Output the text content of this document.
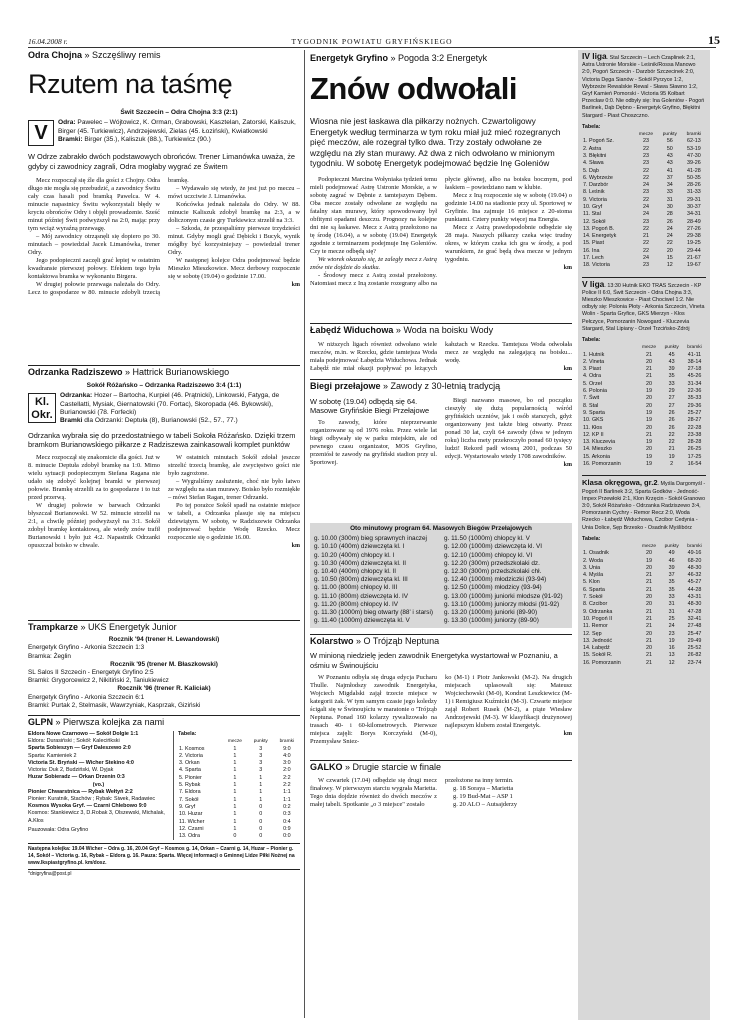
16.04.2008 r.	TYGODNIK POWIATU GRYFIŃSKIEGO	15
Odra Chojna » Szczęśliwy remis
Rzutem na taśmę
Świt Szczecin – Odra Chojna 3:3 (2:1)
V	Odra: Pawelec – Wójtowicz, K. Orman, Grabowski, Kasztelan, Zatorski, Kaliszuk, Birger (45. Turkiewicz), Andrzejewski, Zielas (45. Łoziński), Kwiatkowski
Bramki: Birger (35.), Kaliszuk (88.), Turkiewicz (90.)
W Odrze zabrakło dwóch podstawowych obrońców. Trener Limanówka uważa, że gdyby ci zawodnicy zagrali, Odra mogłaby wygrać ze Świtem

Mecz rozpoczął się źle dla gości z Chojny. Odra długo nie mogła się przebudzić, a zawodnicy Świtu cały czas hasali pod bramką Pawelca. W 4. minucie napastnicy Świtu wykorzystali błędy w kryciu obrońców Odry i objęli prowadzenie. Sześć minut później Świt podwyższył na 2:0, mając przy tym wciąż wyraźną przewagę.

– Mój zawodnicy otrząsnęli się dopiero po 30. minutach – powiedział Jacek Limanówka, trener Odry.

Jego podopieczni zaczęli grać lepiej w ostatnim kwadransie pierwszej połowy. Efektem tego była kontaktowa bramka w wykonaniu Birgera.

W drugiej połowie przewaga należała do Odry. Lecz to gospodarze w 80. minucie zdobyli trzecią bramkę.

– Wydawało się wtedy, że jest już po meczu – mówi uczciwie J. Limanówka.

Końcówka jednak należała do Odry. W 88. minucie Kaliszuk zdobył bramkę na 2:3, a w doliczonym czasie gry Turkiewicz strzelił na 3:3.

– Szkoda, że przespaliśmy pierwsze trzydzieści minut. Gdyby mogli grać Dębicki i Bucyk, wynik mógłby być korzystniejszy – powiedział trener Odry.

W następnej kolejce Odra podejmować będzie Mieszko Mieszkowice. Mecz derbowy rozpocznie się w sobotę (19.04) o godzinie 17.00.

km

Odrzanka Radziszewo » Hattrick Burianowskiego
Sokół Różańsko – Odrzanka Radziszewo 3:4 (1:1)
Kl. Okr.
Odrzanka: Hozer – Bartocha, Kurpiel (46. Prątnicki), Linkowski, Fatyga, de Castellatti, Mysiak, Giernatowski (70. Fortac), Skoropada (46. Bykowski), Burianowski (78. Forfecki)
Bramki dla Odrzanki: Deptuła (8), Burianowski (52., 57., 77.)
Odrzanka wybrała się do przedostatniego w tabeli Sokoła Różańsko. Dzięki trzem bramkom Burianowskiego piłkarze z Radziszewa zainkasowali komplet punktów

Mecz rozpoczął się znakomicie dla gości. Już w 8. minucie Deptuła zdobył bramkę na 1:0. Mimo wielu sytuacji podopiecznym Stefana Ragana nie udało się zdobyć kolejnej bramki w pierwszej połowie. Bramkę strzelili za to gospodarze i to tuż przed przerwą.

W drugiej połowie w barwach Odrzanki błyszczał Burianowski. W 52. minucie strzelił na 2:1, a chwilę później podwyższył na 3:1. Sokół zdobył bramkę kontaktową, ale wtedy znów trafił Burianowski i było już 4:2. Napastnik Odrzanki opuszczał boisko w chwale.

W ostatnich minutach Sokół zdołał jeszcze strzelić trzecią bramkę, ale zwycięstwo gości nie było zagrożone.

– Wygraliśmy zasłużenie, choć nie było łatwo ze względu na stan murawy. Boisko było rozmiękłe – mówi Stefan Ragan, trener Odrzanki.

Po tej porażce Sokół spadł na ostatnie miejsce w tabeli, a Odrzanka plasuje się na miejscu dziewiątym. W sobotę, w Radziszewie Odrzanka podejmować będzie Wodę Rzecko. Mecz rozpocznie się o godzinie 16.00.

km

Trampkarze » UKS Energetyk Junior
Rocznik '94 (trener H. Lewandowski)
Energetyk Gryfino - Arkonia Szczecin 1:3
Bramka: Żeglin
Rocznik '95 (trener M. Błaszkowski)
SL Salos II Szczecin - Energetyk Gryfino 2:5
Bramki: Grygorcewicz 2, Nikitiński 2, Taniukiewicz
Rocznik '96 (trener R. Kaliciak)
Energetyk Gryfino - Arkonia Szczecin 6:1
Bramki: Purtak 2, Stelmasik, Wawrzyniak, Kasprzak, Giziński
GLPN » Pierwsza kolejka za nami
Eldora Nowe Czarnowo — Sokół Dolgie 1:1
Eldora: Durasiński ; Sokół: Kalecińkski
Sparta Sobieszyn — Gryf Daleszewo 2:0
Sparta: Kamieniek 2
Victoria St. Bryński — Wicher Stekino 4:0
Victoria: Duk 2, Budziński, W. Dyjak
Huzar Sobieradz — Orkan Drzenin 0:3
(vo.)
Pionier Chwarstnica — Rybak Wełtyń 2:2
Pionier: Kuratnik, Stachów ; Rybak: Siwek, Radawiec
Kosmos Wysoka Gryf. — Czarni Chlebowo 9:0
Kosmos: Stankiewicz 3, D.Robak 3, Olszewski, Michalak, A.Kłos
Pauzowała: Odra Gryfino
Tabela:
	mecze	punkty	bramki
1. Kosmos	1	3	9:0
2. Victoria	1	3	4:0
3. Orkan	1	3	3:0
4. Sparta	1	3	2:0
5. Pionier	1	1	2:2
5. Rybak	1	1	2:2
7. Eldora	1	1	1:1
7. Sokół	1	1	1:1
9. Gryf	1	0	0:2
10. Huzar	1	0	0:3
11. Wicher	1	0	0:4
12. Czarni	1	0	0:9
13. Odra	0	0	0:0
Następna kolejka: 19.04 Wicher – Odra g. 16, 20.04 Gryf – Kosmos g. 14, Orkan – Czarni g. 14, Huzar – Pionier g. 14, Sokół – Victoria g. 16, Rybak – Eldora g. 16. Pauza: Sparta. Więcej informacji o Gminnej Lidze Piłki Nożnej na www.lkspiastgryfino.pl. km/dosz.
*dnigryfina@post.pl
Energetyk Gryfino » Pogoda 3:2 Energetyk
Znów odwołali
Wiosna nie jest łaskawa dla piłkarzy nożnych. Czwartoligowy Energetyk według terminarza w tym roku miał już mieć rozegranych pięć meczów, ale rozegrał tylko dwa. Trzy zostały odwołane ze względu na zły stan murawy. Aż dwa z nich odwołano w minionym tygodniu. W sobotę Energetyk podejmować będzie Inę Goleniów

Podopieczni Marcina Wołyniaka tydzień temu mieli podejmować Astrę Ustronie Morskie, a w sobotę zagrać w Dębnie z tamtejszym Dębem. Oba mecze zostały odwołane ze względu na fatalny stan murawy, który spowodowany był obfitymi opadami deszczu. Prognozy na kolejne dni nie są łaskawe. Mecz z Astrą przełożono na tę środę (16.04), a w sobotę (19.04) Energetyk zgodnie z terminarzem podejmuje Inę Goleniów. Czy te mecze odbędą się?

We wtorek okazało się, że zaległy mecz z Astrą znów nie dojdzie do skutku.

- Środowy mecz z Astrą został przełożony. Natomiast mecz z Iną zostanie rozegrany albo na płycie głównej, albo na boisku bocznym, pod łaskiem – powiedziano nam w klubie.

Mecz z Iną rozpocznie się w sobotę (19.04) o godzinie 14.00 na stadionie przy ul. Sportowej w Gryfinie. Ina zajmuje 16 miejsce z 20-stoma punktami. Cztery punkty więcej ma Energia.

Mecz z Astrą prawdopodobnie odbędzie się 28 maja. Naszych piłkarzy czeka więc trudny okres, w którym czeka ich gra w środy, a pod warunkiem, że grać będą dwa mecze w jednym tygodniu.

km

Łabędź Widuchowa » Woda na boisku Wody

W niższych ligach również odwołano wiele meczów, m.in. w Rzecku, gdzie tamtejsza Woda miała podejmować Łabędzia Widuchowa. Jednak Łabędź nie miał okazji popływać po leżących kałużach w Rzecku. Tamtejsza Woda odwołała mecz ze względu na zalegającą na boisku... wodę.

km

Biegi przełajowe » Zawody z 30-letnią tradycją

W sobotę (19.04) odbędą się 64. Masowe Gryfińskie Biegi Przełajowe

To zawody, które nieprzerwanie organizowane są od 1976 roku. Przez wiele lat biegi odbywały się w parku miejskim, ale od pewnego czasu organizator, MOS Gryfino, przeniósł te zawody na gryfiński stadion przy ul. Sportowej.

Biegi nazwano masowe, bo od początku cieszyły się dużą popularnością wśród gryfińskich uczniów, jak i osób starszych, gdyż organizowany jest także bieg otwarty. Przez ponad 30 lat, czyli 64 zawody (dwa w jednym roku) liczba mety przekroczyło ponad 60 tysięcy ludzi! Rekord padł wiosną 2001, podczas 50 edycji. Wystartowało wtedy 1708 zawodników.

km

Oto minutowy program 64. Masowych Biegów Przełajowych
g. 10.00 (300m) bieg sprawnych inaczej
g. 10.10 (400m) dziewczęta kl. I
g. 10.20 (400m) chłopcy kl. I
g. 10.30 (400m) dziewczęta kl. II
g. 10.40 (400m) chłopcy kl. II
g. 10.50 (800m) dziewczęta kl. III
g. 11.00 (800m) chłopcy kl. III
g. 11.10 (800m) dziewczęta kl. IV
g. 11.20 (800m) chłopcy kl. IV
g. 11.30 (1000m) bieg otwarty (88' i starsi)
g. 11.40 (1000m) dziewczęta kl. V
g. 11.50 (1000m) chłopcy kl. V
g. 12.00 (1000m) dziewczęta kl. VI
g. 12.10 (1000m) chłopcy kl. VI
g. 12.20 (300m) przedszkolaki dz.
g. 12.30 (300m) przedszkolaki chł.
g. 12.40 (1000m) młodziczki (93-94)
g. 12.50 (1000m) młodzicy (93-94)
g. 13.00 (1000m) juniorki młodsze (91-92)
g. 13.10 (1000m) juniorzy młodsi (91-92)
g. 13.20 (1000m) juniorki (89-90)
g. 13.30 (1000m) juniorzy (89-90)
Kolarstwo » O Trójząb Neptuna
W minioną niedzielę jeden zawodnik Energetyka wystartował w Poznaniu, a ośmiu w Świnoujściu

W Poznaniu odbyła się druga edycja Pucharu Thulle. Najmłodszy zawodnik Energetyka, Wojciech Migdalski zajął trzecie miejsce w kategorii żak. W tym samym czasie jego koledzy ścigali się w Świnoujściu w maratonie o 'Trójząb Neptuna. Ponad 160 kolarzy rywalizowało na trasach 40- i 60-kilometrowych. Pierwsze miejsca zajęli: Borys Korczyński (M-0), Przemysław Sniez-

ko (M-1) i Piotr Jankowski (M-2). Na drugich miejscach uplasowali się: Mateusz Wojciechowski (M-0), Kondrat Leszkiewicz (M-1) i Remigiusz Kuźmicki (M-3). Czwarte miejsce zajął Robert Rusek (M-2), a piąte Wiesław Andrzejewski (M-3). W klasyfikacji drużynowej najlepszym klubem został Energetyk.

km

GALKO » Drugie starcie w finale
W czwartek (17.04) odbędzie się drugi mecz finałowy. W pierwszym starciu wygrała Marietta. Tego dnia dojdzie również do dwóch meczów z małej tabeli. Spotkanie „o 3 miejsce" zostało
przełożone na inny termin.
g. 18 Soraya – Marietta
g. 19 Bud-Mat – ASP 1
g. 20 ALO – Autsajderzy
IV liga. Stal Szczecin – Lech Czaplinek 2:1, Astra Ustronie Morskie - Leśnik/Rossa Manowo 2:0, Pogoń Szczecin - Darzbór Szczecinek 2:0, Victoria Dęga Sianów - Sokół Pyrzyce 1:2, Wybrzeże Rewalskie Rewal - Sława Sławno 1:2, Gryf Kamień Pomorski - Victoria 95 Kołbart Przecław 0:0. Nie odbyły się: Ina Goleniów - Pogoń Barlinek, Dąb Dębno - Energetyk Gryfino, Błękitni Stargard - Piast Choszczno.
Tabela:
	mecze	punkty	bramki
1. Pogoń Sz.	23	56	62-13
2. Astra	22	50	53-19
3. Błękitni	23	43	47-30
4. Sława	23	43	39-26
5. Dąb	22	41	41-28
6. Wybrzeże	22	37	50-35
7. Darzbór	24	34	28-26
8. Leśnik	23	33	31-33
9. Victoria	22	31	29-31
10. Gryf	24	30	30-37
11. Stal	24	28	34-31
12. Sokół	23	26	28-49
13. Pogoń B.	22	24	27-26
14. Energetyk	21	24	29-38
15. Piast	22	22	19-25
16. Ina	22	20	29-44
17. Lech	24	15	21-67
18. Victoria	23	12	19-67
V liga. 13:30 Hutnik EKO TRAS Szczecin - KP Police II 6:0, Świt Szczecin - Odra Chojna 3:3, Mieszko Mieszkowice - Piast Chociwel 1:2. Nie odbyły się: Polonia Płoty - Arkonia Szczecin, Vineta Wolin - Sparta Gryfice, GKS Mierzyn - Kłos Pełczyce, Pomorzanin Nowogard - Kluczevia Stargard, Stal Lipiany - Orzeł Trzcińsko-Zdrój
Tabela:
	mecze	punkty	bramki
1. Hutnik	21	45	41-11
2. Vineta	20	43	38-14
3. Piast	21	39	27-18
4. Odra	21	35	45-26
5. Orzeł	20	33	31-34
6. Polonia	19	29	22-36
7. Świt	20	27	35-33
8. Stal	20	27	29-36
9. Sparta	19	26	25-27
10. GKS	19	26	28-27
11. Kłos	20	26	22-28
12. KP II	21	22	23-38
13. Kluczevia	19	22	28-28
14. Mieszko	20	21	26-25
15. Arkonia	19	19	17-25
16. Pomorzanin	19	2	16-54
Klasa okręgowa, gr.2. Myśla Dargomyśl - Pogoń II Barlinek 3:2, Sparta Godków - Jedność-Impex Przewłoki 2:1, Klon Krzęcin - Sokół Granowo 3:0, Sokół Różańsko - Odrzanka Radziszewo 3:4, Pomorzanin Cychry - Remor Recz 2:0, Woda Rzecko - Łabędź Widuchowa, Czcibor Cedynia - Unia Dolice, Sęp Brzesko - Osadnik Myślibórz
Tabela:
	mecze	punkty	bramki
1. Osadnik	20	49	49-16
2. Woda	19	46	68-20
3. Unia	20	39	48-30
4. Myśla	21	37	46-32
5. Klon	21	35	45-27
6. Sparta	21	35	44-28
7. Sokół	20	33	43-31
8. Czcibor	20	31	48-30
9. Odrzanka	21	31	47-28
10. Pogoń II	21	25	32-41
11. Remor	21	24	27-48
12. Sęp	20	23	25-47
13. Jedność	21	19	29-49
14. Łabędź	20	16	25-52
15. Sokół R.	21	13	26-82
16. Pomorzanin	21	12	23-74
